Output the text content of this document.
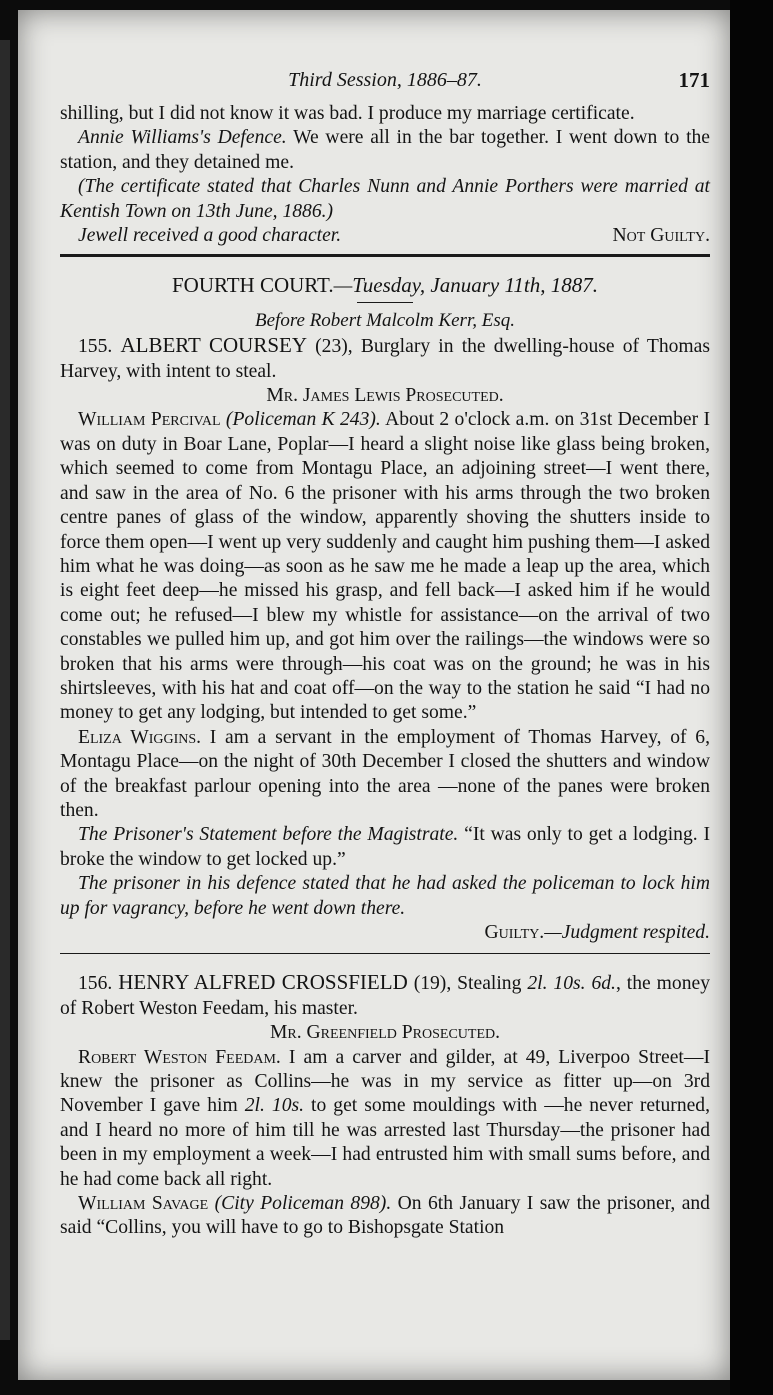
Third Session, 1886–87.	171

shilling, but I did not know it was bad. I produce my marriage certificate.

Annie Williams's Defence. We were all in the bar together. I went down to the station, and they detained me.

(The certificate stated that Charles Nunn and Annie Porthers were married at Kentish Town on 13th June, 1886.)

Jewell received a good character.	Not Guilty.

FOURTH COURT.—Tuesday, January 11th, 1887.

Before Robert Malcolm Kerr, Esq.

155. ALBERT COURSEY (23), Burglary in the dwelling-house of Thomas Harvey, with intent to steal.

Mr. James Lewis Prosecuted.

William Percival (Policeman K 243). About 2 o'clock a.m. on 31st December I was on duty in Boar Lane, Poplar—I heard a slight noise like glass being broken, which seemed to come from Montagu Place, an adjoining street—I went there, and saw in the area of No. 6 the prisoner with his arms through the two broken centre panes of glass of the window, apparently shoving the shutters inside to force them open—I went up very suddenly and caught him pushing them—I asked him what he was doing—as soon as he saw me he made a leap up the area, which is eight feet deep—he missed his grasp, and fell back—I asked him if he would come out; he refused—I blew my whistle for assistance—on the arrival of two constables we pulled him up, and got him over the railings—the windows were so broken that his arms were through—his coat was on the ground; he was in his shirtsleeves, with his hat and coat off—on the way to the station he said “I had no money to get any lodging, but intended to get some.”

Eliza Wiggins. I am a servant in the employment of Thomas Harvey, of 6, Montagu Place—on the night of 30th December I closed the shutters and window of the breakfast parlour opening into the area —none of the panes were broken then.

The Prisoner's Statement before the Magistrate. “It was only to get a lodging. I broke the window to get locked up.”

The prisoner in his defence stated that he had asked the policeman to lock him up for vagrancy, before he went down there.

Guilty.—Judgment respited.

156. HENRY ALFRED CROSSFIELD (19), Stealing 2l. 10s. 6d., the money of Robert Weston Feedam, his master.

Mr. Greenfield Prosecuted.

Robert Weston Feedam. I am a carver and gilder, at 49, Liverpoo Street—I knew the prisoner as Collins—he was in my service as fitter up—on 3rd November I gave him 2l. 10s. to get some mouldings with —he never returned, and I heard no more of him till he was arrested last Thursday—the prisoner had been in my employment a week—I had entrusted him with small sums before, and he had come back all right.

William Savage (City Policeman 898). On 6th January I saw the prisoner, and said “Collins, you will have to go to Bishopsgate Station
